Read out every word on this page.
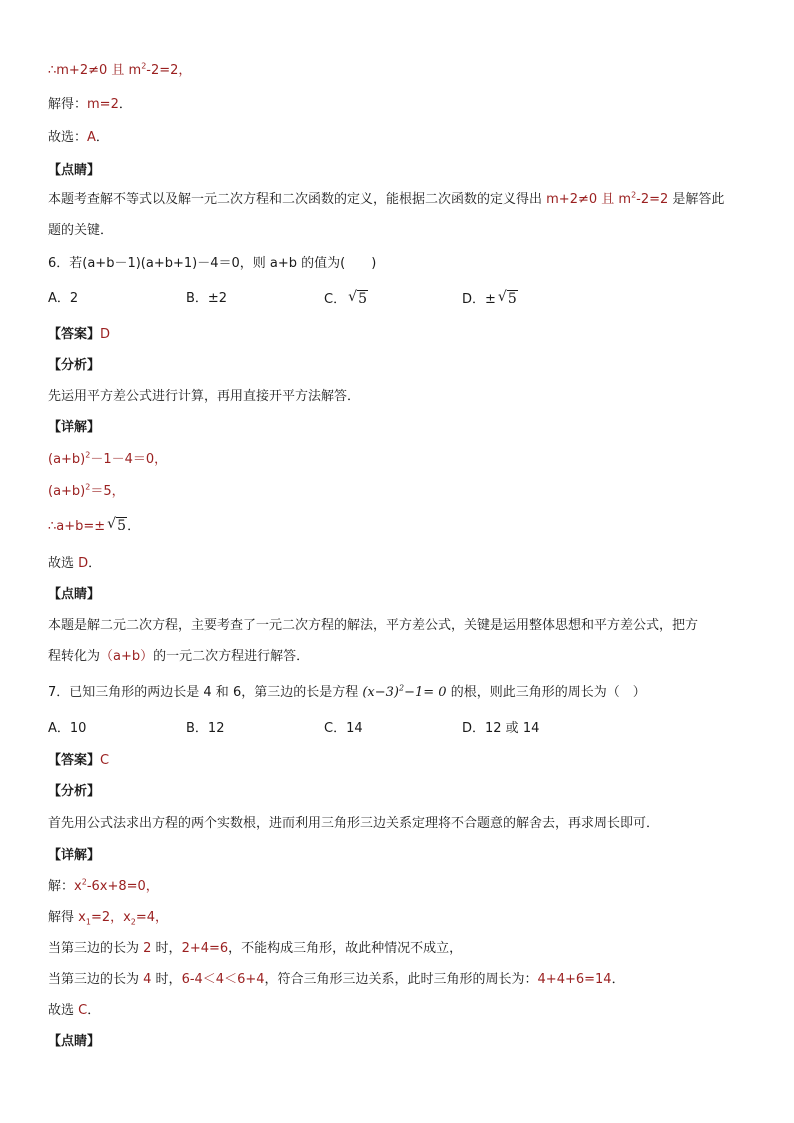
∴m+2≠0 且 $m^2-2=2$，
解得：m=2．
故选：A．
【点睛】
本题考查解不等式以及解一元二次方程和二次函数的定义，能根据二次函数的定义得出 m+2≠0 且 $m^2-2=2$ 是解答此
题的关键．
6．若(a+b－1)(a+b+1)－4＝0，则 a+b 的值为(　　)
A．2	B．±2	C． √ 5	D．± √ 5
【答案】D
【分析】
先运用平方差公式进行计算，再用直接开平方法解答．
【详解】
$(a+b)^2-1-4=0$，
$(a+b)^2=5$，
∴a+b=± √ 5．
故选 D．
【点睛】
本题是解二元二次方程，主要考查了一元二次方程的解法，平方差公式，关键是运用整体思想和平方差公式，把方
程转化为（a+b）的一元二次方程进行解答．
7．已知三角形的两边长是 4 和 6，第三边的长是方程 $(x-3)^2-1= 0$ 的根，则此三角形的周长为（　）
A．10	B．12	C．14	D．12 或 14
【答案】C
【分析】
首先用公式法求出方程的两个实数根，进而利用三角形三边关系定理将不合题意的解舍去，再求周长即可．
【详解】
解：$x^2-6x+8=0$，
解得 $x_1=2$，$x_2=4$，
当第三边的长为 2 时，2+4=6，不能构成三角形，故此种情况不成立，
当第三边的长为 4 时，6-4＜4＜6+4，符合三角形三边关系，此时三角形的周长为：4+4+6=14．
故选 C．
【点睛】
